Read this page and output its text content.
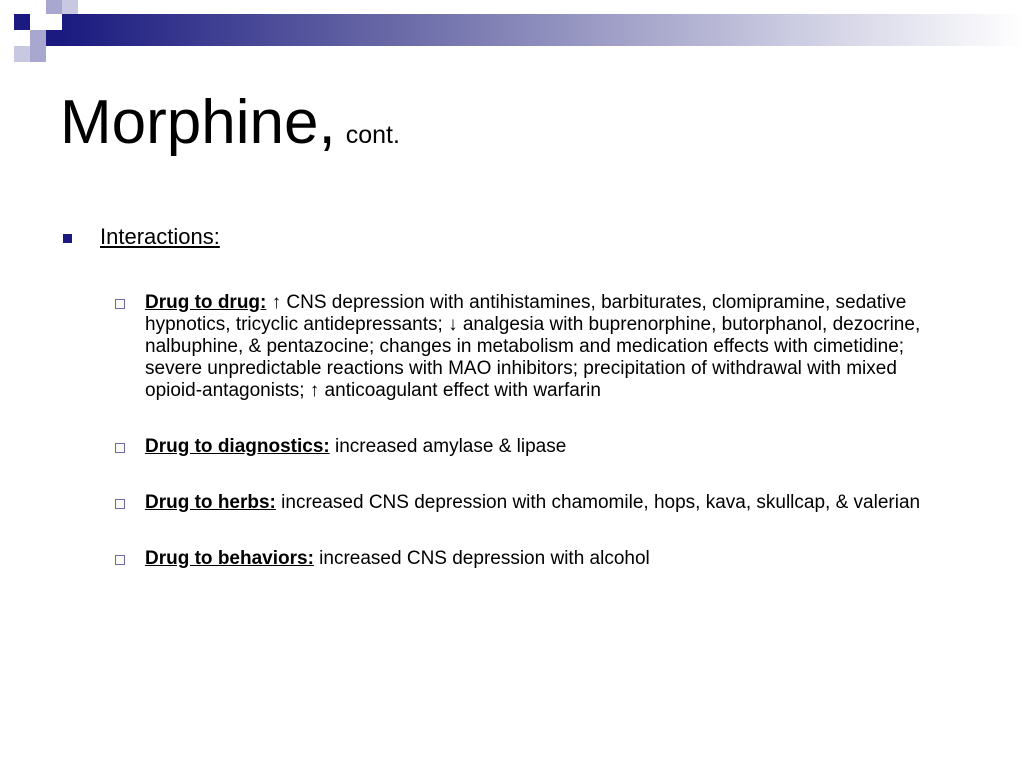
Morphine, cont.
Interactions:
Drug to drug: ↑ CNS depression with antihistamines, barbiturates, clomipramine, sedative hypnotics, tricyclic antidepressants; ↓ analgesia with buprenorphine, butorphanol, dezocrine, nalbuphine, & pentazocine; changes in metabolism and medication effects with cimetidine; severe unpredictable reactions with MAO inhibitors; precipitation of withdrawal with mixed opioid-antagonists; ↑ anticoagulant effect with warfarin
Drug to diagnostics: increased amylase & lipase
Drug to herbs: increased CNS depression with chamomile, hops, kava, skullcap, & valerian
Drug to behaviors: increased CNS depression with alcohol
